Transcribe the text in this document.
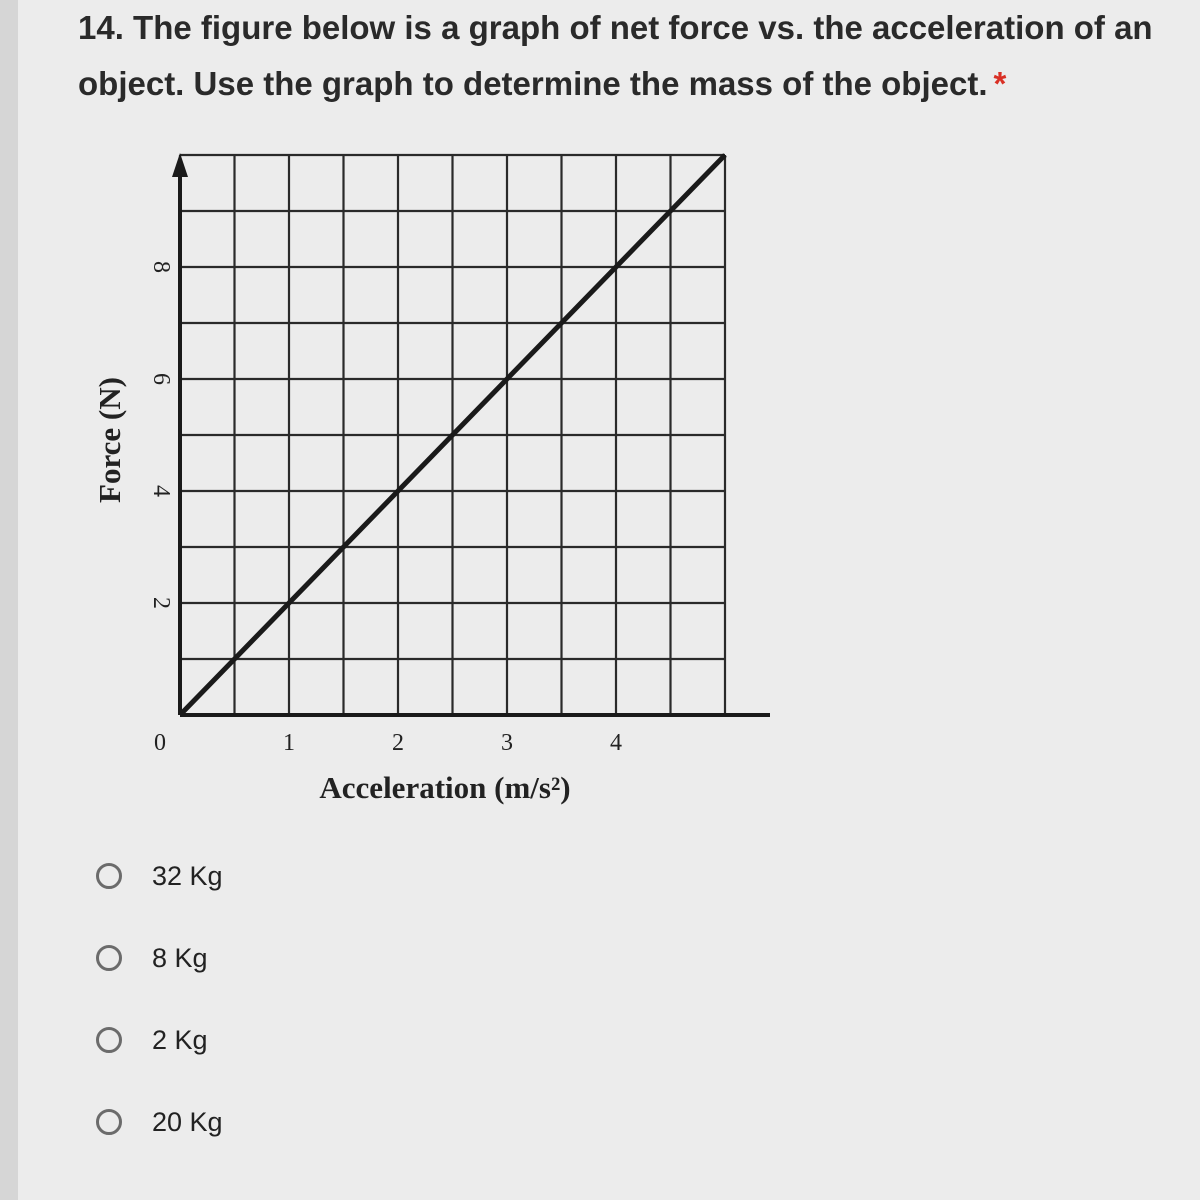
14. The figure below is a graph of net force vs. the acceleration of an object. Use the graph to determine the mass of the object. *
0	1	2	3	4
2
4
6
8
Acceleration (m/s²)
Force (N)
32 Kg
8 Kg
2 Kg
20 Kg
